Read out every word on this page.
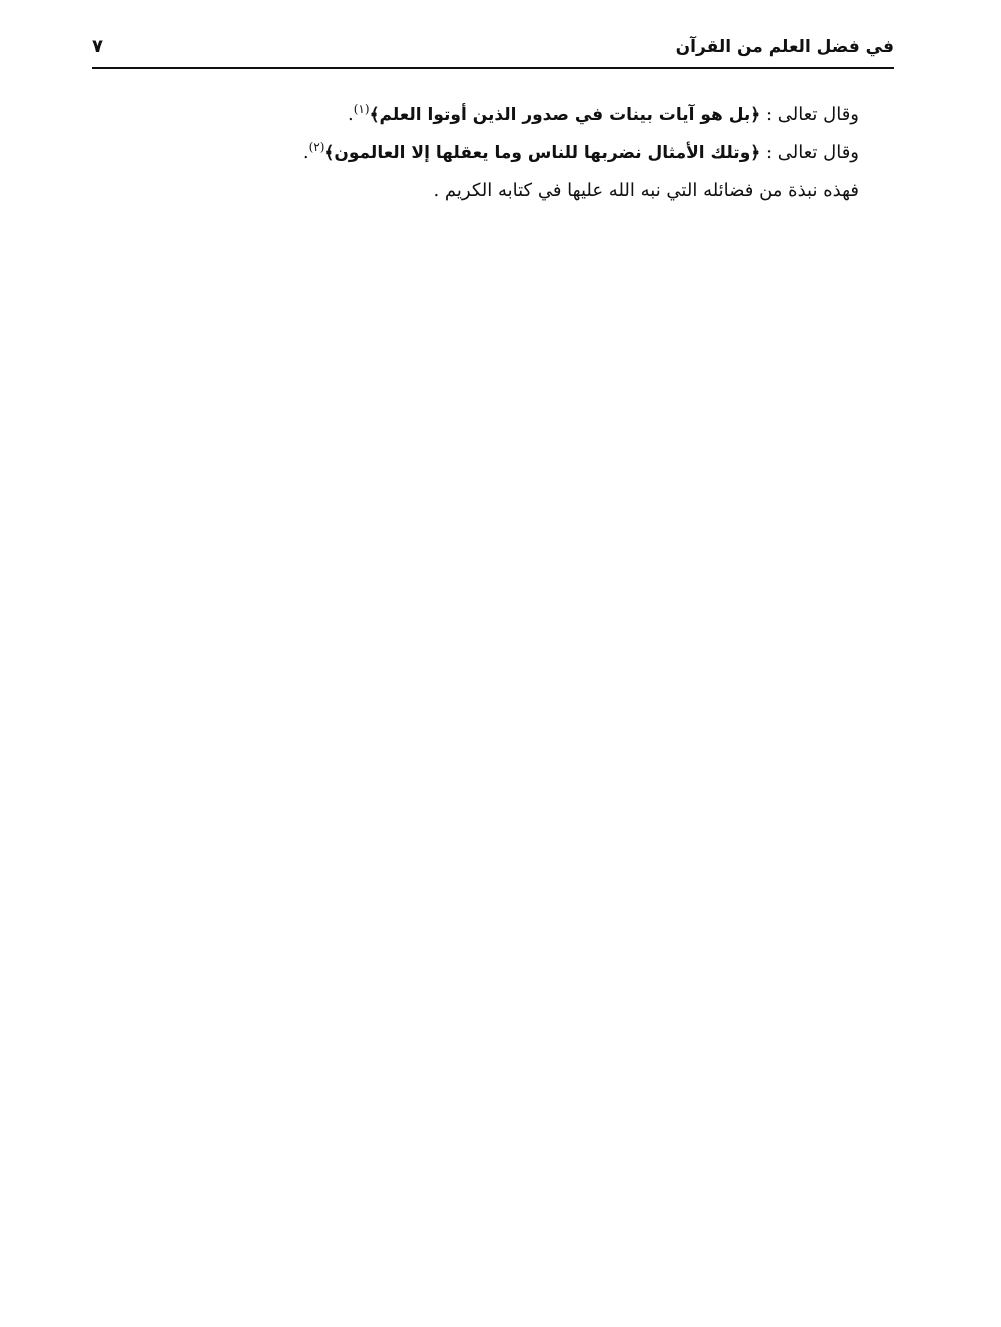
في فضل العلم من القرآن
٧
وقال تعالى : ﴿بل هو آيات بينات في صدور الذين أوتوا العلم﴾$^{(١)}$.
وقال تعالى : ﴿وتلك الأمثال نضربها للناس وما يعقلها إلا العالمون﴾$^{(٢)}$.
فهذه نبذة من فضائله التي نبه الله عليها في كتابه الكريم .
